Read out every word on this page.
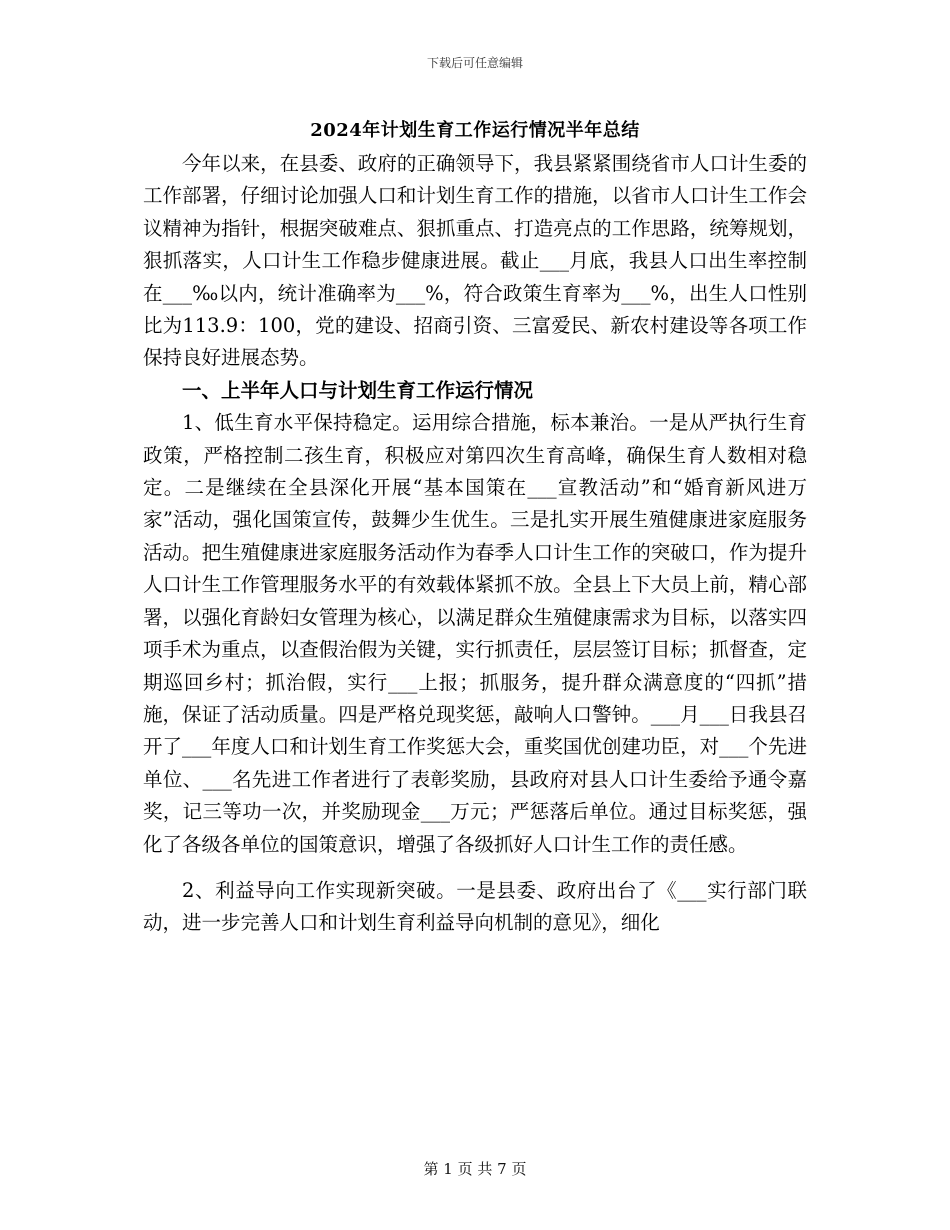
下载后可任意编辑
2024年计划生育工作运行情况半年总结

今年以来，在县委、政府的正确领导下，我县紧紧围绕省市人口计生委的工作部署，仔细讨论加强人口和计划生育工作的措施，以省市人口计生工作会议精神为指针，根据突破难点、狠抓重点、打造亮点的工作思路，统筹规划，狠抓落实，人口计生工作稳步健康进展。截止___月底，我县人口出生率控制在___‰以内，统计准确率为___%，符合政策生育率为___%，出生人口性别比为113.9：100，党的建设、招商引资、三富爱民、新农村建设等各项工作保持良好进展态势。

一、上半年人口与计划生育工作运行情况

1、低生育水平保持稳定。运用综合措施，标本兼治。一是从严执行生育政策，严格控制二孩生育，积极应对第四次生育高峰，确保生育人数相对稳定。二是继续在全县深化开展“基本国策在___宣教活动”和“婚育新风进万家”活动，强化国策宣传，鼓舞少生优生。三是扎实开展生殖健康进家庭服务活动。把生殖健康进家庭服务活动作为春季人口计生工作的突破口，作为提升人口计生工作管理服务水平的有效载体紧抓不放。全县上下大员上前，精心部署，以强化育龄妇女管理为核心，以满足群众生殖健康需求为目标，以落实四项手术为重点，以查假治假为关键，实行抓责任，层层签订目标；抓督查，定期巡回乡村；抓治假，实行___上报；抓服务，提升群众满意度的“四抓”措施，保证了活动质量。四是严格兑现奖惩，敲响人口警钟。___月___日我县召开了___年度人口和计划生育工作奖惩大会，重奖国优创建功臣，对___个先进单位、___名先进工作者进行了表彰奖励，县政府对县人口计生委给予通令嘉奖，记三等功一次，并奖励现金___万元；严惩落后单位。通过目标奖惩，强化了各级各单位的国策意识，增强了各级抓好人口计生工作的责任感。

2、利益导向工作实现新突破。一是县委、政府出台了《___实行部门联动，进一步完善人口和计划生育利益导向机制的意见》，细化

第 1 页 共 7 页
